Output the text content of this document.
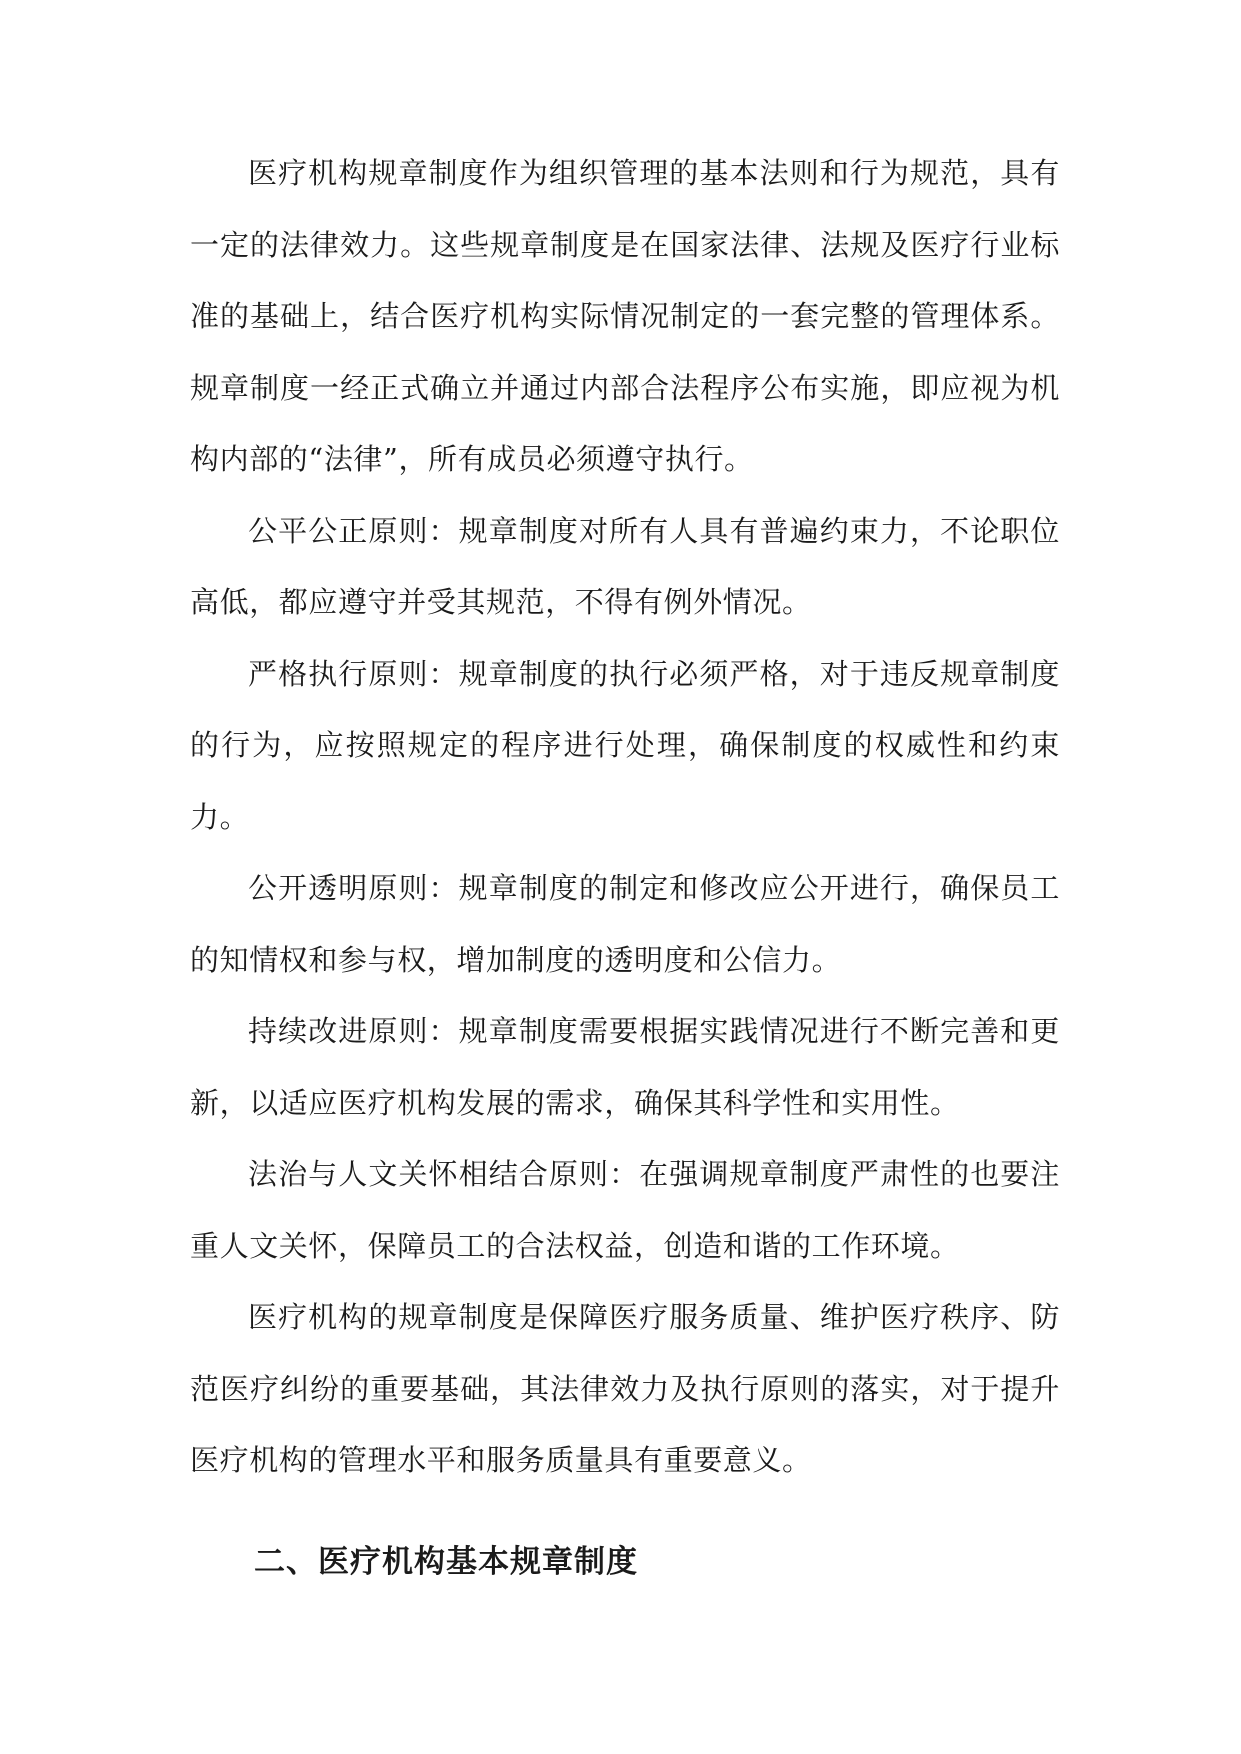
医疗机构规章制度作为组织管理的基本法则和行为规范，具有一定的法律效力。这些规章制度是在国家法律、法规及医疗行业标准的基础上，结合医疗机构实际情况制定的一套完整的管理体系。规章制度一经正式确立并通过内部合法程序公布实施，即应视为机构内部的“法律”，所有成员必须遵守执行。

公平公正原则：规章制度对所有人具有普遍约束力，不论职位高低，都应遵守并受其规范，不得有例外情况。

严格执行原则：规章制度的执行必须严格，对于违反规章制度的行为，应按照规定的程序进行处理，确保制度的权威性和约束力。

公开透明原则：规章制度的制定和修改应公开进行，确保员工的知情权和参与权，增加制度的透明度和公信力。

持续改进原则：规章制度需要根据实践情况进行不断完善和更新，以适应医疗机构发展的需求，确保其科学性和实用性。

法治与人文关怀相结合原则：在强调规章制度严肃性的也要注重人文关怀，保障员工的合法权益，创造和谐的工作环境。

医疗机构的规章制度是保障医疗服务质量、维护医疗秩序、防范医疗纠纷的重要基础，其法律效力及执行原则的落实，对于提升医疗机构的管理水平和服务质量具有重要意义。

二、医疗机构基本规章制度
